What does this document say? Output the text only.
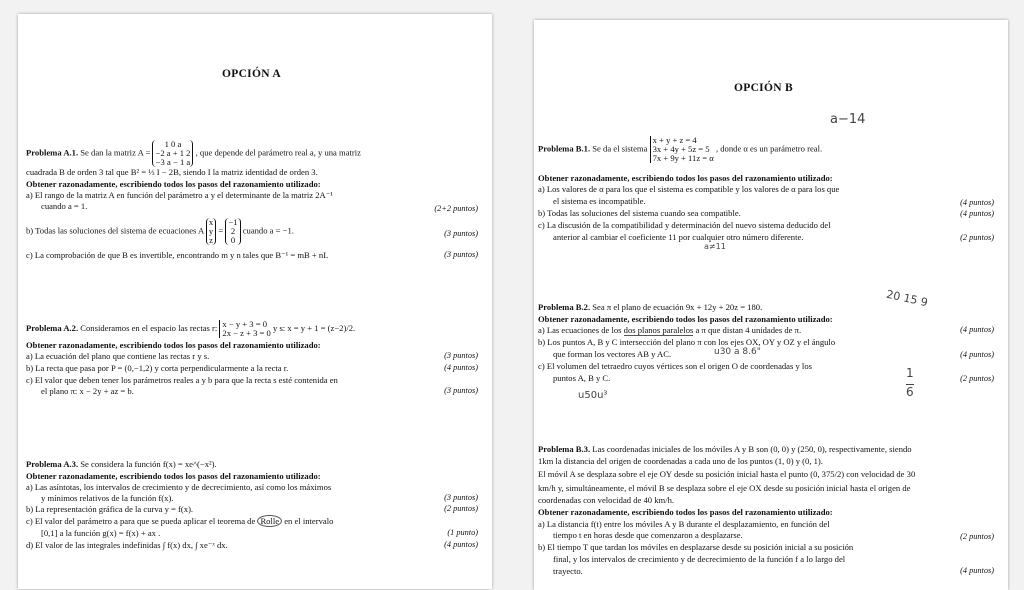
OPCIÓN A
Problema A.1. Se dan la matriz A =
1 0 a
−2 a + 1 2
−3 a − 1 a
, que depende del parámetro real a, y una matriz
cuadrada B de orden 3 tal que B² = ⅓ I − 2B, siendo I la matriz identidad de orden 3.
Obtener razonadamente, escribiendo todos los pasos del razonamiento utilizado:
a) El rango de la matriz A en función del parámetro a y el determinante de la matriz 2A⁻¹
cuando a = 1.	(2+2 puntos)
b) Todas las soluciones del sistema de ecuaciones A
x
y
z
=
−1
2
0
cuando a = −1.	(3 puntos)
c) La comprobación de que B es invertible, encontrando m y n tales que B⁻¹ = mB + nI.	(3 puntos)
Problema A.2. Consideramos en el espacio las rectas r: x − y + 3 = 0
2x − z + 3 = 0
y s: x = y + 1 = (z−2)/2.
Obtener razonadamente, escribiendo todos los pasos del razonamiento utilizado:
a) La ecuación del plano que contiene las rectas r y s.	(3 puntos)
b) La recta que pasa por P = (0,−1,2) y corta perpendicularmente a la recta r.	(4 puntos)
c) El valor que deben tener los parámetros reales a y b para que la recta s esté contenida en
el plano π: x − 2y + az = b.	(3 puntos)
Problema A.3. Se considera la función f(x) = xe^(−x²).
Obtener razonadamente, escribiendo todos los pasos del razonamiento utilizado:
a) Las asíntotas, los intervalos de crecimiento y de decrecimiento, así como los máximos
y mínimos relativos de la función f(x).	(3 puntos)
b) La representación gráfica de la curva y = f(x).	(2 puntos)
c) El valor del parámetro a para que se pueda aplicar el teorema de Rolle en el intervalo
[0,1] a la función g(x) = f(x) + ax .	(1 punto)
d) El valor de las integrales indefinidas ∫ f(x) dx, ∫ xe⁻ˣ dx.	(4 puntos)
OPCIÓN B
Problema B.1. Se da el sistema
x + y + z = 4
3x + 4y + 5z = 5
7x + 9y + 11z = α
, donde α es un parámetro real.
Obtener razonadamente, escribiendo todos los pasos del razonamiento utilizado:
a) Los valores de α para los que el sistema es compatible y los valores de α para los que
el sistema es incompatible.	(4 puntos)
b) Todas las soluciones del sistema cuando sea compatible.	(4 puntos)
c) La discusión de la compatibilidad y determinación del nuevo sistema deducido del
anterior al cambiar el coeficiente 11 por cualquier otro número diferente.	(2 puntos)
Problema B.2. Sea π el plano de ecuación 9x + 12y + 20z = 180.
Obtener razonadamente, escribiendo todos los pasos del razonamiento utilizado:
a) Las ecuaciones de los dos planos paralelos a π que distan 4 unidades de π.	(4 puntos)
b) Los puntos A, B y C intersección del plano π con los ejes OX, OY y OZ y el ángulo
que forman los vectores AB y AC.	(4 puntos)
c) El volumen del tetraedro cuyos vértices son el origen O de coordenadas y los
puntos A, B y C.	(2 puntos)
Problema B.3. Las coordenadas iniciales de los móviles A y B son (0, 0) y (250, 0), respectivamente, siendo
1km la distancia del origen de coordenadas a cada uno de los puntos (1, 0) y (0, 1).
El móvil A se desplaza sobre el eje OY desde su posición inicial hasta el punto (0, 375/2) con velocidad de 30
km/h y, simultáneamente, el móvil B se desplaza sobre el eje OX desde su posición inicial hasta el origen de
coordenadas con velocidad de 40 km/h.
Obtener razonadamente, escribiendo todos los pasos del razonamiento utilizado:
a) La distancia f(t) entre los móviles A y B durante el desplazamiento, en función del
tiempo t en horas desde que comenzaron a desplazarse.	(2 puntos)
b) El tiempo T que tardan los móviles en desplazarse desde su posición inicial a su posición
final, y los intervalos de crecimiento y de decrecimiento de la función f a lo largo del
trayecto.	(4 puntos)
a−14
a≠11
20 15 9
u30 a 8.6"
1
6
u50u³
